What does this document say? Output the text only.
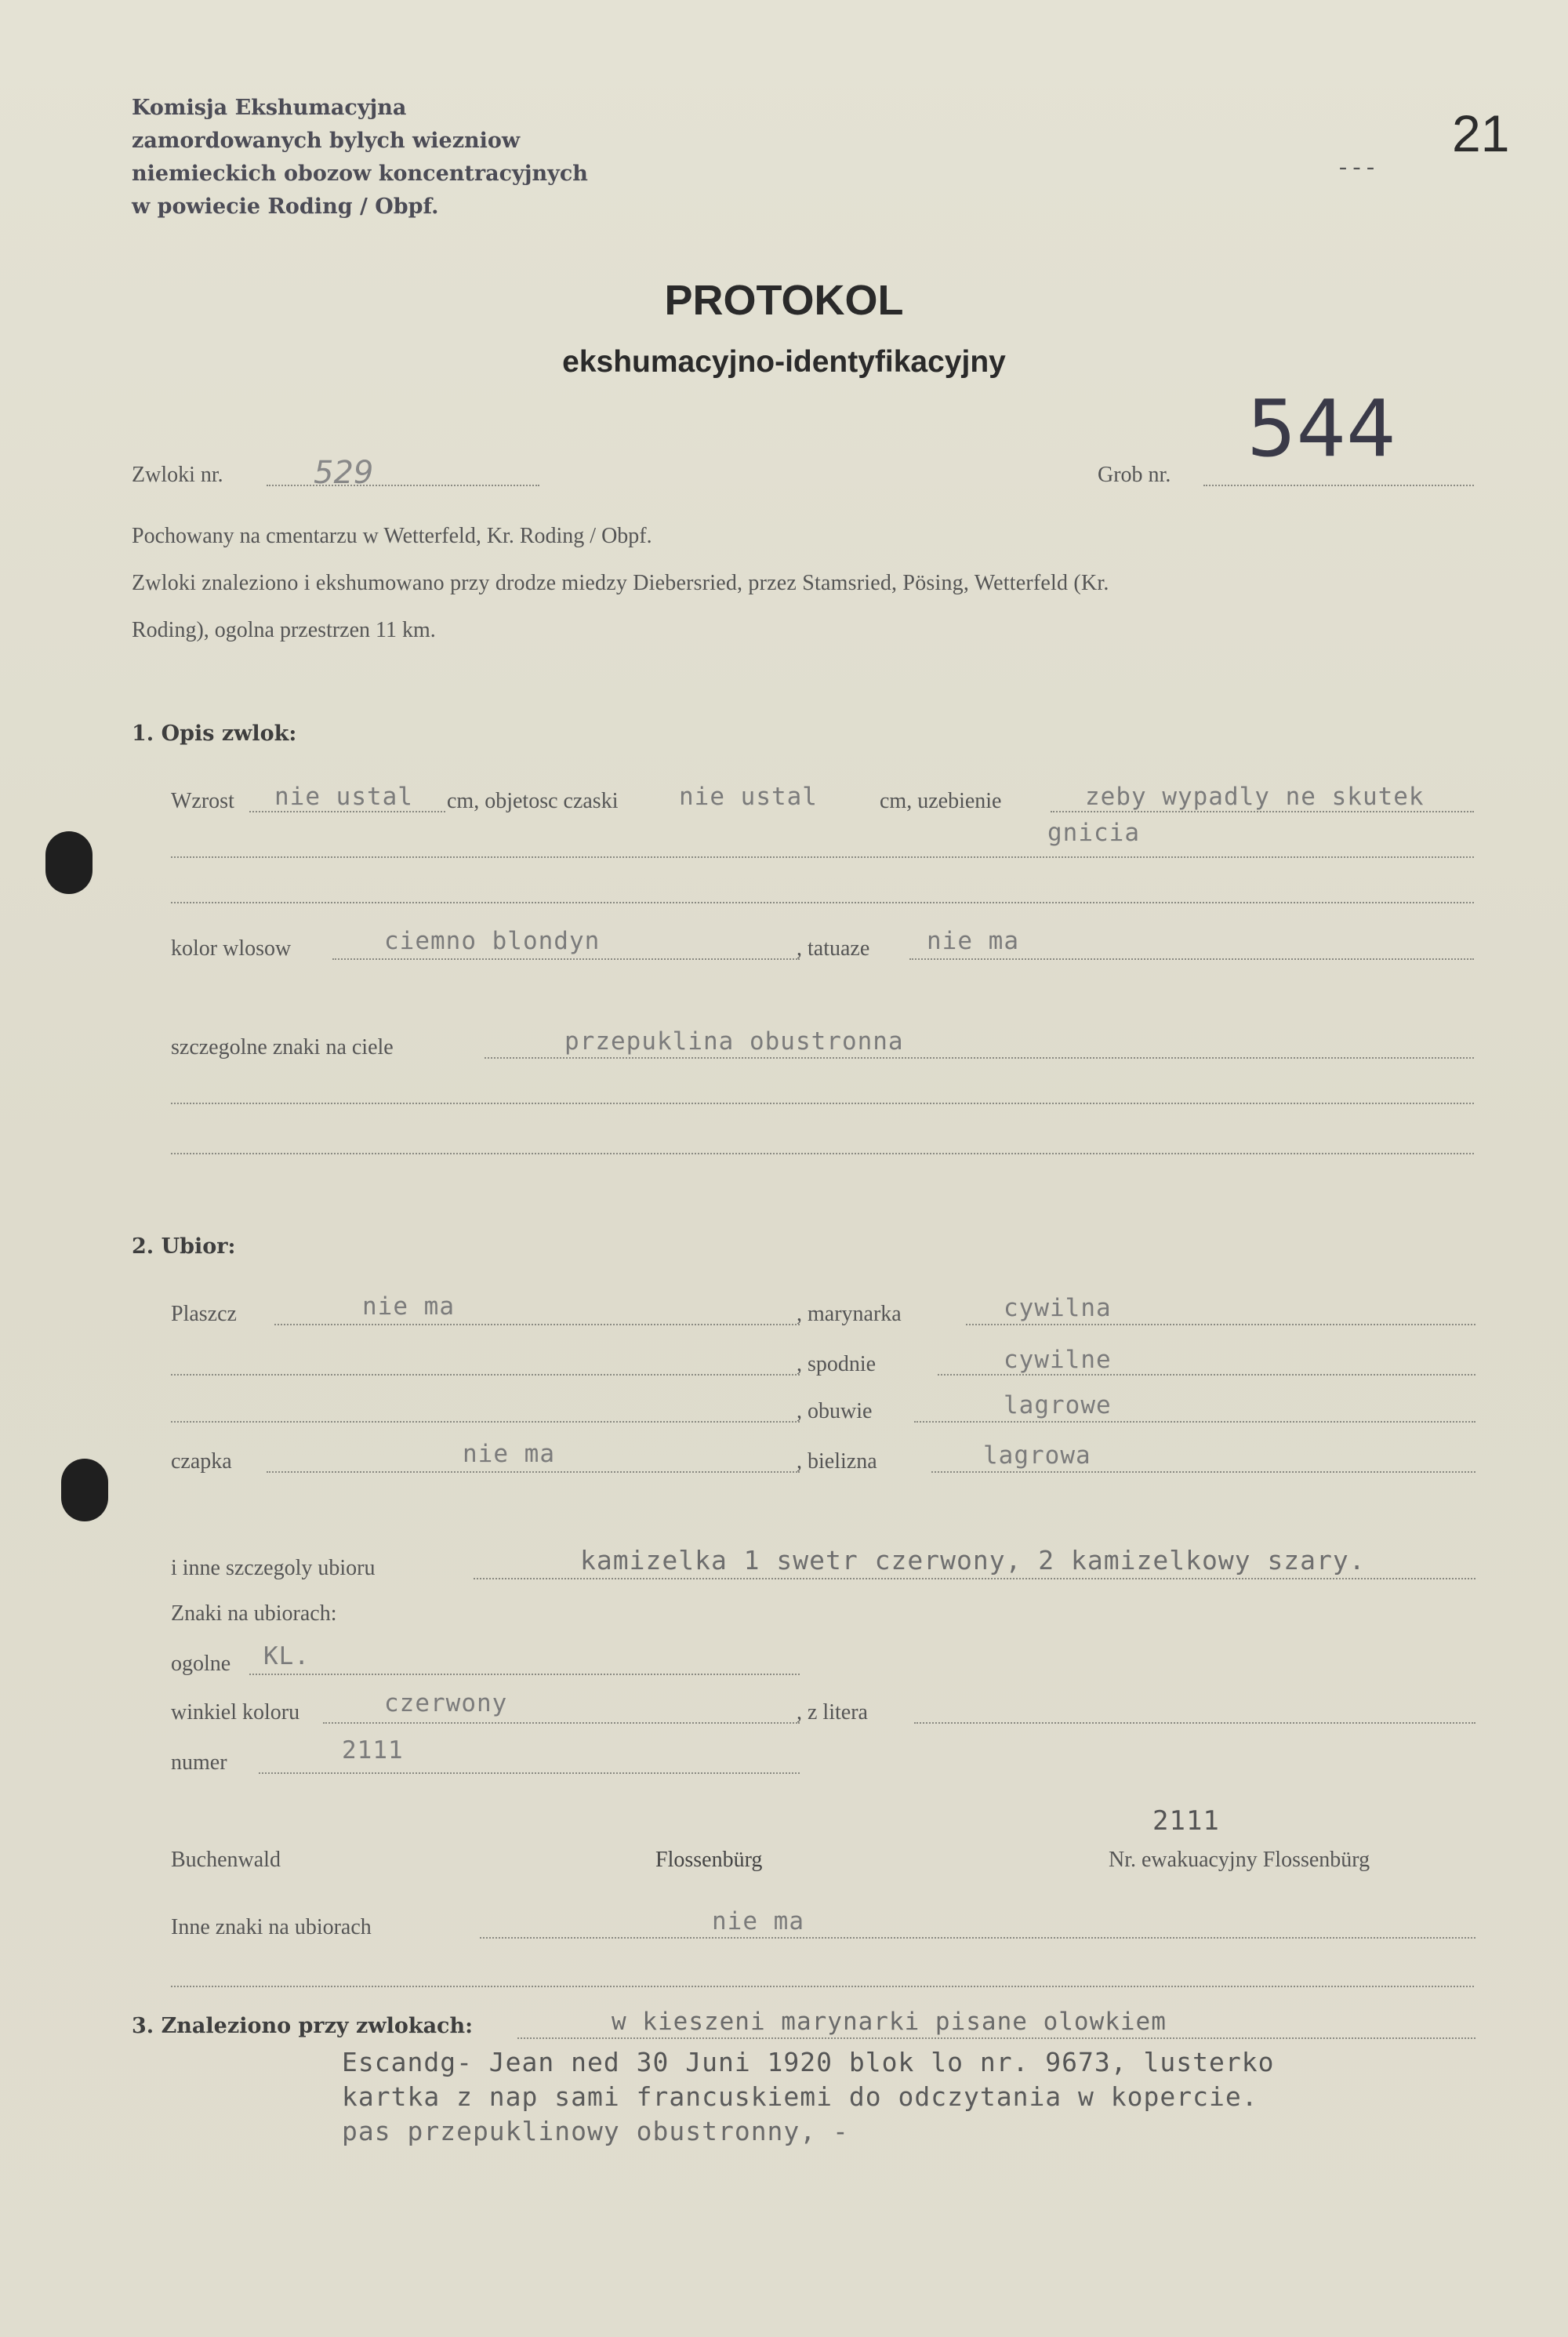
Komisja Ekshumacyjna
zamordowanych bylych wiezniow
niemieckich obozow koncentracyjnych
w powiecie Roding / Obpf.
21
- - -
PROTOKOL
ekshumacyjno-identyfikacyjny
Zwloki nr.	529	Grob nr.
544
Pochowany na cmentarzu w Wetterfeld, Kr. Roding / Obpf.
Zwloki znaleziono i ekshumowano przy drodze miedzy Diebersried, przez Stamsried, Pösing, Wetterfeld (Kr.
Roding), ogolna przestrzen 11 km.
1. Opis zwlok:
Wzrost nie ustal cm, objetosc czaski	nie ustal	cm, uzebienie	zeby wypadly ne skutek
gnicia
kolor wlosow	ciemno blondyn	, tatuaze nie ma
szczegolne znaki na ciele	przepuklina obustronna
2. Ubior:
Plaszcz	nie ma	, marynarka	cywilna
, spodnie	cywilne
, obuwie	lagrowe
czapka	nie ma	, bielizna	lagrowa
i inne szczegoly ubioru	kamizelka 1 swetr czerwony, 2 kamizelkowy szary.
Znaki na ubiorach:
ogolne KL.
winkiel koloru	czerwony	, z litera
numer	2111
2111
Buchenwald	Flossenbürg	Nr. ewakuacyjny Flossenbürg
Inne znaki na ubiorach	nie ma
3. Znaleziono przy zwlokach:	w kieszeni marynarki pisane olowkiem
Escandg- Jean ned 30 Juni 1920 blok lo nr. 9673, lusterko
kartka z nap sami francuskiemi do odczytania w kopercie.
pas przepuklinowy obustronny, -
